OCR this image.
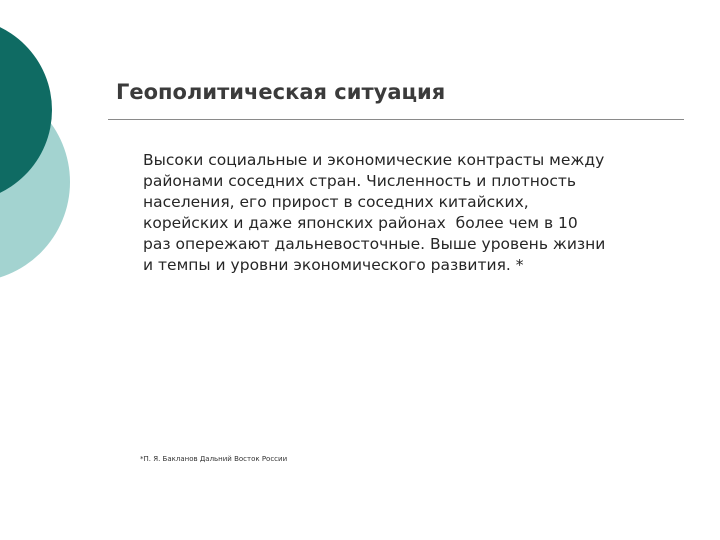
Геополитическая ситуация

Высоки социальные и экономические контрасты между
районами соседних стран. Численность и плотность
населения, его прирост в соседних китайских,
корейских и даже японских районах  более чем в 10
раз опережают дальневосточные. Выше уровень жизни
и темпы и уровни экономического развития. *

*П. Я. Бакланов Дальний Восток России
